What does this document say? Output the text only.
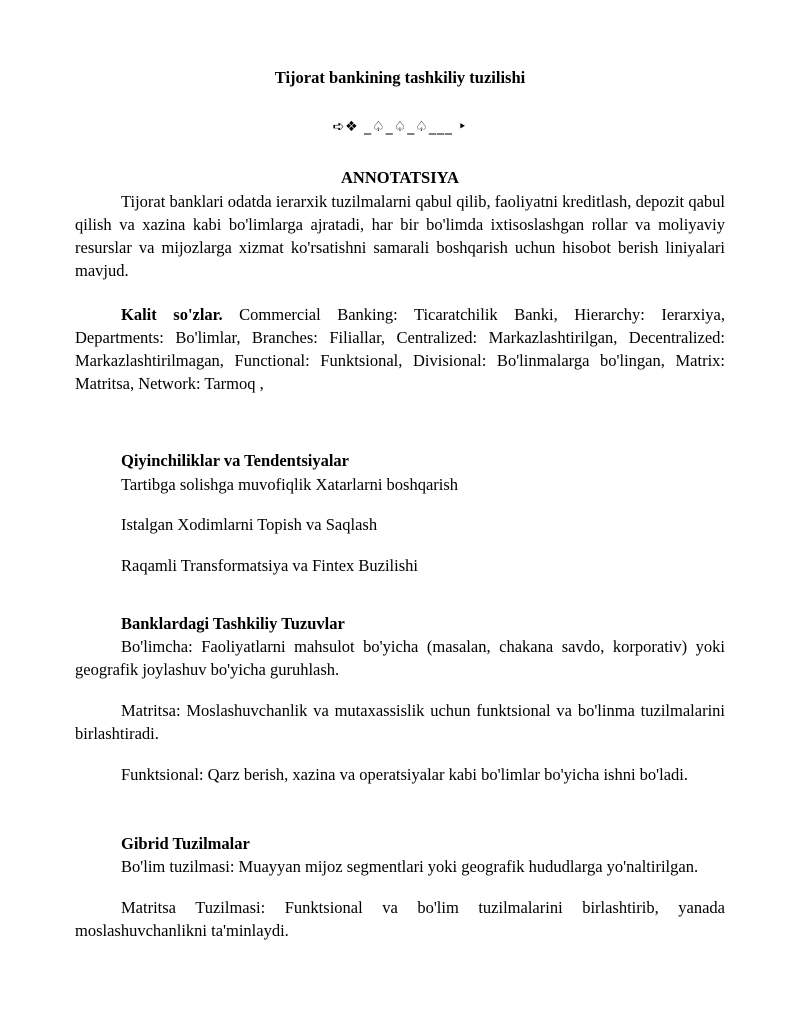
Tijorat bankining tashkiliy tuzilishi
➪❖ _♤_♤_♤___ ‣
ANNOTATSIYA

Tijorat banklari odatda ierarxik tuzilmalarni qabul qilib, faoliyatni kreditlash, depozit qabul qilish va xazina kabi bo'limlarga ajratadi, har bir bo'limda ixtisoslashgan rollar va moliyaviy resurslar va mijozlarga xizmat ko'rsatishni samarali boshqarish uchun hisobot berish liniyalari mavjud.

Kalit so'zlar. Commercial Banking: Ticaratchilik Banki, Hierarchy: Ierarxiya, Departments: Bo'limlar, Branches: Filiallar, Centralized: Markazlashtirilgan, Decentralized: Markazlashtirilmagan, Functional: Funktsional, Divisional: Bo'linmalarga bo'lingan, Matrix: Matritsa, Network: Tarmoq ,

Qiyinchiliklar va Tendentsiyalar

Tartibga solishga muvofiqlik Xatarlarni boshqarish

Istalgan Xodimlarni Topish va Saqlash

Raqamli Transformatsiya va Fintex Buzilishi

Banklardagi Tashkiliy Tuzuvlar

Bo'limcha: Faoliyatlarni mahsulot bo'yicha (masalan, chakana savdo, korporativ) yoki geografik joylashuv bo'yicha guruhlash.

Matritsa: Moslashuvchanlik va mutaxassislik uchun funktsional va bo'linma tuzilmalarini birlashtiradi.

Funktsional: Qarz berish, xazina va operatsiyalar kabi bo'limlar bo'yicha ishni bo'ladi.

Gibrid Tuzilmalar

Bo'lim tuzilmasi: Muayyan mijoz segmentlari yoki geografik hududlarga yo'naltirilgan.

Matritsa Tuzilmasi: Funktsional va bo'lim tuzilmalarini birlashtirib, yanada moslashuvchanlikni ta'minlaydi.
